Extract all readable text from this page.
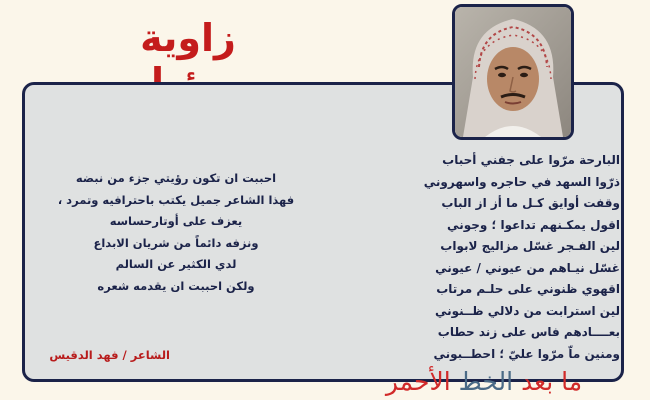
زاوية
البارحة مرّوا على جفني أحباب
ذرّوا السهد في حاجره واسهروني
وقفت أوايق كـل ما أز از الباب
اقول يمكـنهم تداعوا ؛ وجوني
لين الفـجر غسّل مزاليج لابواب
غسّل نيـاهم من عيوني / عيوني
اقهوي ظنوني على حلـم مرتاب
لين استرابت من دلالي ظــنوني
بعــــادهم فاس على زند حطاب
ومنين ماّ مرّوا عليّ ؛ احطــبوني
احببت ان تكون رؤيتي جزء من نبضه
فهذا الشاعر جميل يكتب باحترافيه وتمرد ،
يعزف على أوتارحساسه
ونزفه دائماً من شريان الابداع
لدي الكثير عن السالم
ولكن احببت ان يقدمه شعره
الشاعر / فهد الدقيس
ما بعد الخط الأحمر
